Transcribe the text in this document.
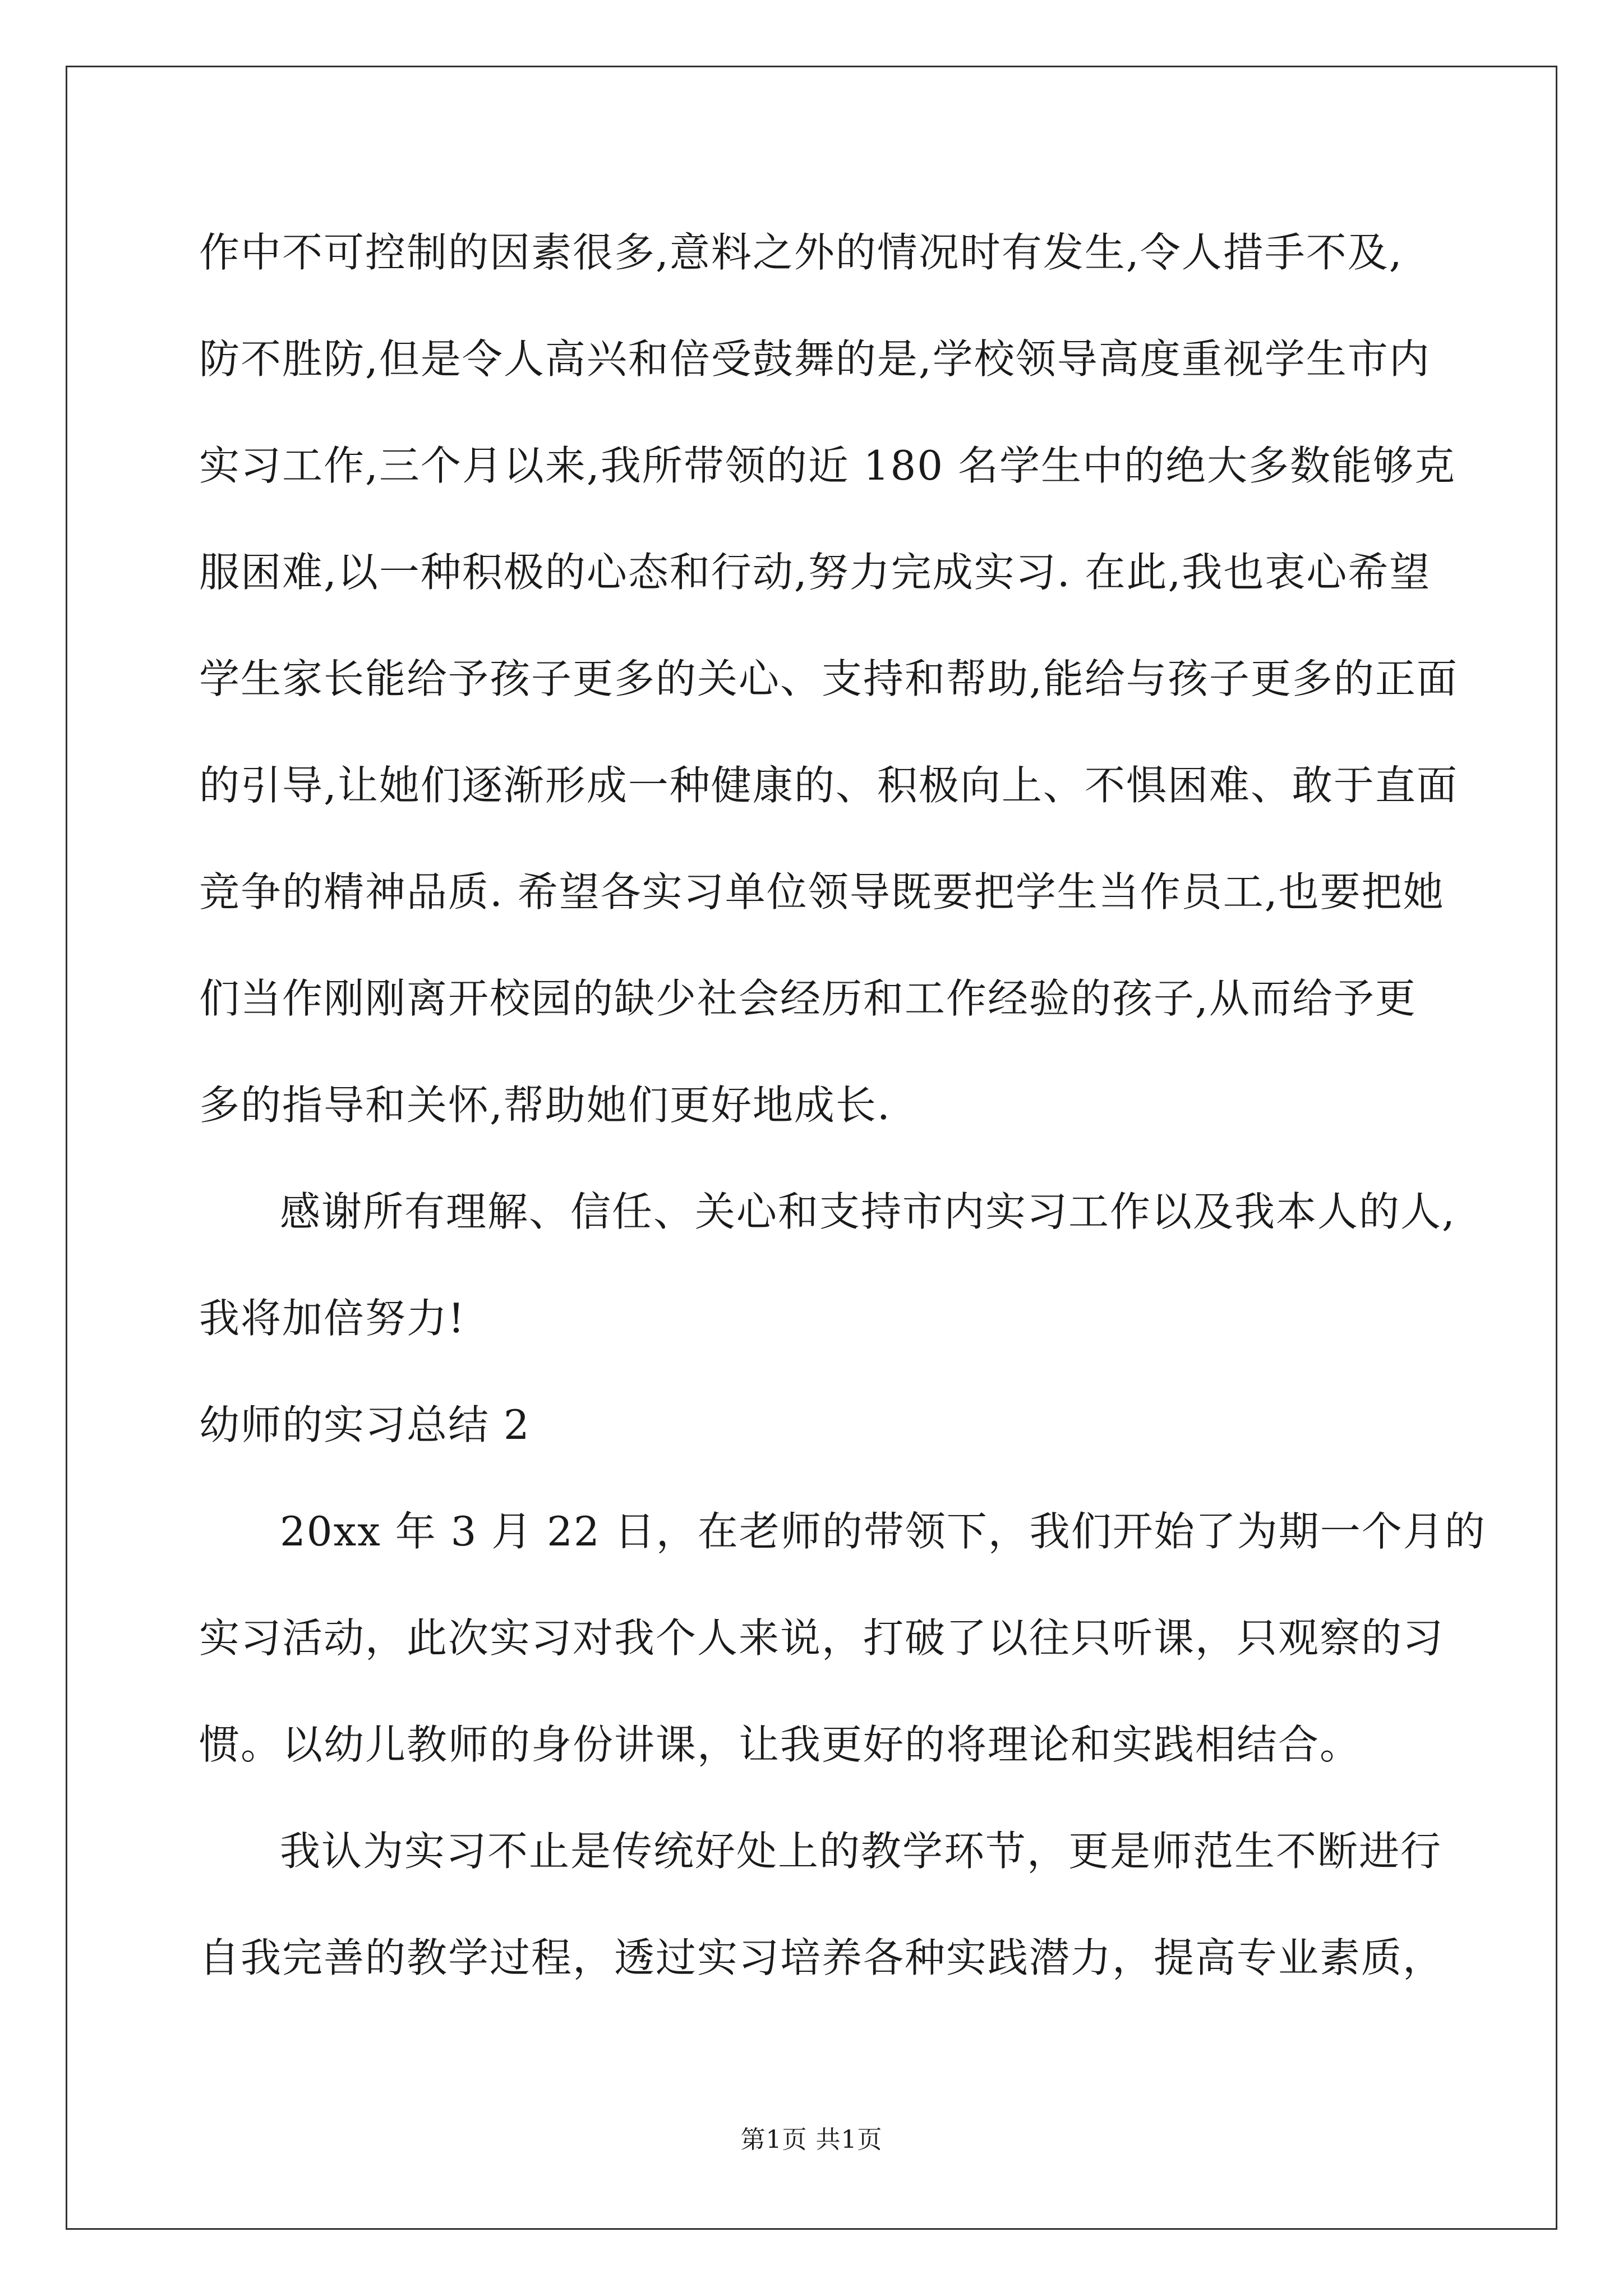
作中不可控制的因素很多,意料之外的情况时有发生,令人措手不及,
防不胜防,但是令人高兴和倍受鼓舞的是,学校领导高度重视学生市内
实习工作,三个月以来,我所带领的近 180 名学生中的绝大多数能够克
服困难,以一种积极的心态和行动,努力完成实习. 在此,我也衷心希望
学生家长能给予孩子更多的关心、支持和帮助,能给与孩子更多的正面
的引导,让她们逐渐形成一种健康的、积极向上、不惧困难、敢于直面
竞争的精神品质. 希望各实习单位领导既要把学生当作员工,也要把她
们当作刚刚离开校园的缺少社会经历和工作经验的孩子,从而给予更
多的指导和关怀,帮助她们更好地成长.
感谢所有理解、信任、关心和支持市内实习工作以及我本人的人,
我将加倍努力!
幼师的实习总结 2
20xx 年 3 月 22 日，在老师的带领下，我们开始了为期一个月的
实习活动，此次实习对我个人来说，打破了以往只听课，只观察的习
惯。以幼儿教师的身份讲课，让我更好的将理论和实践相结合。
我认为实习不止是传统好处上的教学环节，更是师范生不断进行
自我完善的教学过程，透过实习培养各种实践潜力，提高专业素质，
第1页 共1页
